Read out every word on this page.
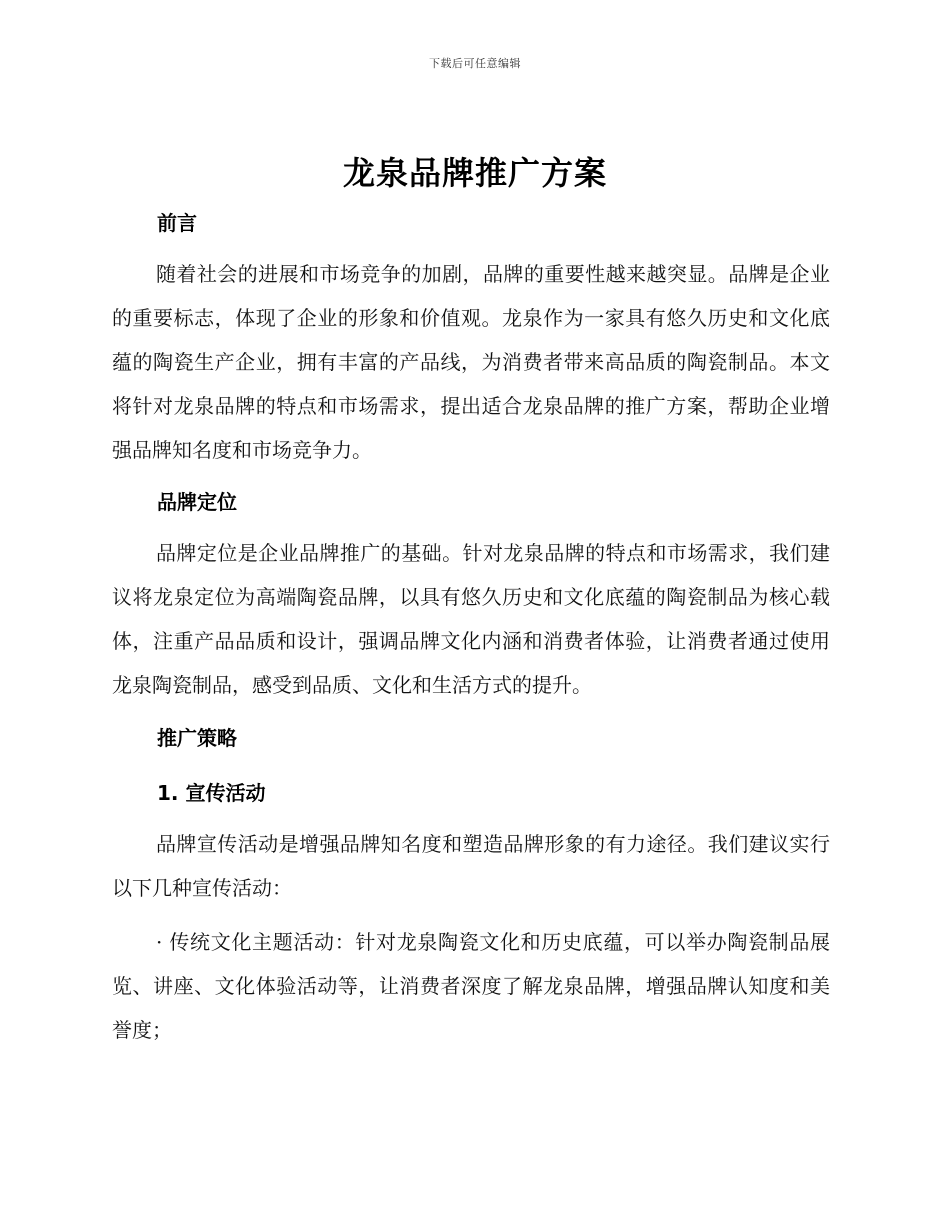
下载后可任意编辑
龙泉品牌推广方案
前言
随着社会的进展和市场竞争的加剧，品牌的重要性越来越突显。品牌是企业的重要标志，体现了企业的形象和价值观。龙泉作为一家具有悠久历史和文化底蕴的陶瓷生产企业，拥有丰富的产品线，为消费者带来高品质的陶瓷制品。本文将针对龙泉品牌的特点和市场需求，提出适合龙泉品牌的推广方案，帮助企业增强品牌知名度和市场竞争力。
品牌定位
品牌定位是企业品牌推广的基础。针对龙泉品牌的特点和市场需求，我们建议将龙泉定位为高端陶瓷品牌，以具有悠久历史和文化底蕴的陶瓷制品为核心载体，注重产品品质和设计，强调品牌文化内涵和消费者体验，让消费者通过使用龙泉陶瓷制品，感受到品质、文化和生活方式的提升。
推广策略
1. 宣传活动
品牌宣传活动是增强品牌知名度和塑造品牌形象的有力途径。我们建议实行以下几种宣传活动：
· 传统文化主题活动：针对龙泉陶瓷文化和历史底蕴，可以举办陶瓷制品展览、讲座、文化体验活动等，让消费者深度了解龙泉品牌，增强品牌认知度和美誉度；
